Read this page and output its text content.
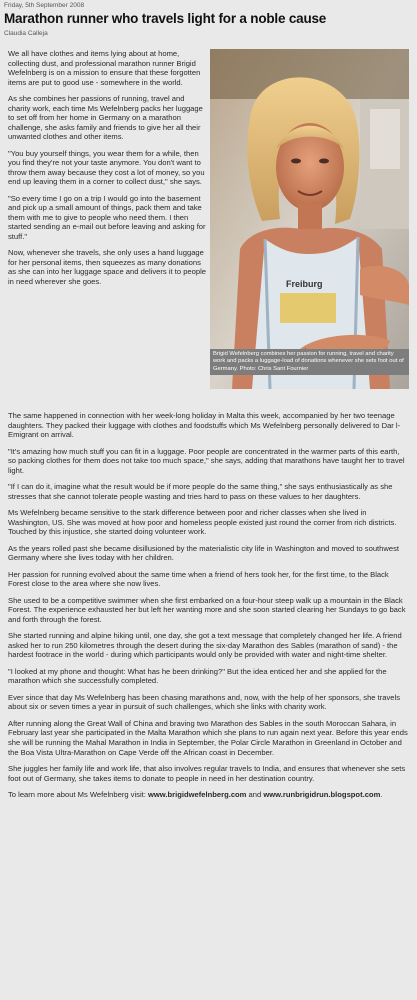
Friday, 5th September 2008
Marathon runner who travels light for a noble cause
Claudia Calleja

We all have clothes and items lying about at home, collecting dust, and professional marathon runner Brigid Wefelnberg is on a mission to ensure that these forgotten items are put to good use - somewhere in the world.

As she combines her passions of running, travel and charity work, each time Ms Wefelnberg packs her luggage to set off from her home in Germany on a marathon challenge, she asks family and friends to give her all their unwanted clothes and other items.

"You buy yourself things, you wear them for a while, then you find they're not your taste anymore. You don't want to throw them away because they cost a lot of money, so you end up leaving them in a corner to collect dust," she says.

"So every time I go on a trip I would go into the basement and pick up a small amount of things, pack them and take them with me to give to people who need them. I then started sending an e-mail out before leaving and asking for stuff."

Now, whenever she travels, she only uses a hand luggage for her personal items, then squeezes as many donations as she can into her luggage space and delivers it to people in need wherever she goes.	Freiburg
Brigid Wefelnberg combines her passion for running, travel and charity work and packs a luggage-load of donations whenever she sets foot out of Germany. Photo: Chris Sant Fournier

The same happened in connection with her week-long holiday in Malta this week, accompanied by her two teenage daughters. They packed their luggage with clothes and foodstuffs which Ms Wefelnberg personally delivered to Dar l-Emigrant on arrival.

"It's amazing how much stuff you can fit in a luggage. Poor people are concentrated in the warmer parts of this earth, so packing clothes for them does not take too much space," she says, adding that marathons have taught her to travel light.

"If I can do it, imagine what the result would be if more people do the same thing," she says enthusiastically as she stresses that she cannot tolerate people wasting and tries hard to pass on these values to her daughters.

Ms Wefelnberg became sensitive to the stark difference between poor and richer classes when she lived in Washington, US. She was moved at how poor and homeless people existed just round the corner from rich districts. Touched by this injustice, she started doing volunteer work.

As the years rolled past she became disillusioned by the materialistic city life in Washington and moved to southwest Germany where she lives today with her children.

Her passion for running evolved about the same time when a friend of hers took her, for the first time, to the Black Forest close to the area where she now lives.

She used to be a competitive swimmer when she first embarked on a four-hour steep walk up a mountain in the Black Forest. The experience exhausted her but left her wanting more and she soon started clearing her Sundays to go back and forth through the forest.

She started running and alpine hiking until, one day, she got a text message that completely changed her life. A friend asked her to run 250 kilometres through the desert during the six-day Marathon des Sables (marathon of sand) - the hardest footrace in the world - during which participants would only be provided with water and night-time shelter.

"I looked at my phone and thought: What has he been drinking?" But the idea enticed her and she applied for the marathon which she successfully completed.

Ever since that day Ms Wefelnberg has been chasing marathons and, now, with the help of her sponsors, she travels about six or seven times a year in pursuit of such challenges, which she links with charity work.

After running along the Great Wall of China and braving two Marathon des Sables in the south Moroccan Sahara, in February last year she participated in the Malta Marathon which she plans to run again next year. Before this year ends she will be running the Mahal Marathon in India in September, the Polar Circle Marathon in Greenland in October and the Boa Vista Ultra-Marathon on Cape Verde off the African coast in December.

She juggles her family life and work life, that also involves regular travels to India, and ensures that whenever she sets foot out of Germany, she takes items to donate to people in need in her destination country.

To learn more about Ms Wefelnberg visit: www.brigidwefelnberg.com and www.runbrigidrun.blogspot.com.
